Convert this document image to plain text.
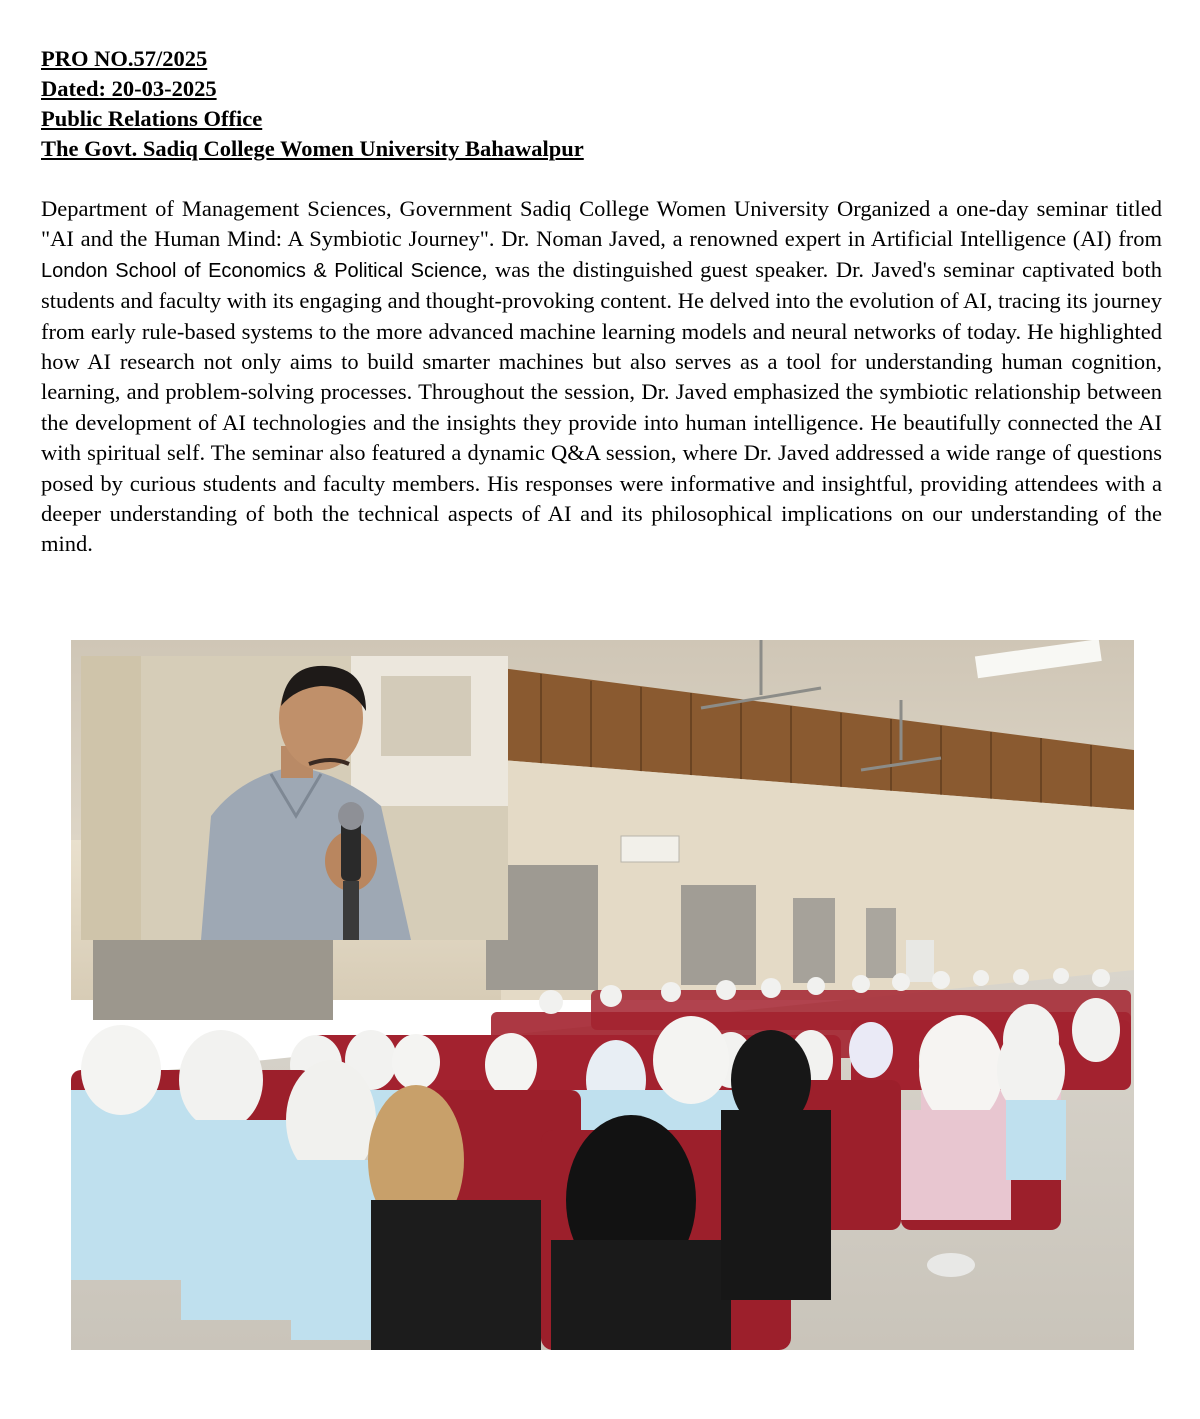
PRO NO.57/2025
Dated: 20-03-2025
Public Relations Office
The Govt. Sadiq College Women University Bahawalpur

Department of Management Sciences, Government Sadiq College Women University Organized a one-day seminar titled "AI and the Human Mind: A Symbiotic Journey". Dr. Noman Javed, a renowned expert in Artificial Intelligence (AI) from London School of Economics & Political Science, was the distinguished guest speaker. Dr. Javed's seminar captivated both students and faculty with its engaging and thought-provoking content. He delved into the evolution of AI, tracing its journey from early rule-based systems to the more advanced machine learning models and neural networks of today. He highlighted how AI research not only aims to build smarter machines but also serves as a tool for understanding human cognition, learning, and problem-solving processes. Throughout the session, Dr. Javed emphasized the symbiotic relationship between the development of AI technologies and the insights they provide into human intelligence. He beautifully connected the AI with spiritual self. The seminar also featured a dynamic Q&A session, where Dr. Javed addressed a wide range of questions posed by curious students and faculty members. His responses were informative and insightful, providing attendees with a deeper understanding of both the technical aspects of AI and its philosophical implications on our understanding of the mind.
